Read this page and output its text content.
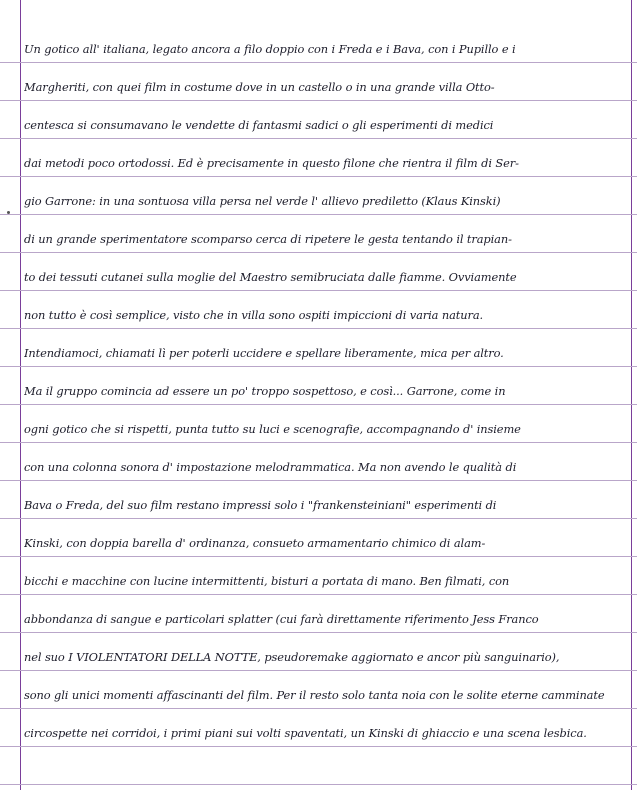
Un gotico all' italiana, legato ancora a filo doppio con i Freda e i Bava, con i Pupillo e i
Margheriti, con quei film in costume dove in un castello o in una grande villa Otto-
centesca si consumavano le vendette di fantasmi sadici o gli esperimenti di medici
dai metodi poco ortodossi. Ed è precisamente in questo filone che rientra il film di Ser-
gio Garrone: in una sontuosa villa persa nel verde l' allievo prediletto (Klaus Kinski)
di un grande sperimentatore scomparso cerca di ripetere le gesta tentando il trapian-
to dei tessuti cutanei sulla moglie del Maestro semibruciata dalle fiamme. Ovviamente
non tutto è così semplice, visto che in villa sono ospiti impiccioni di varia natura.
Intendiamoci, chiamati lì per poterli uccidere e spellare liberamente, mica per altro.
Ma il gruppo comincia ad essere un po' troppo sospettoso, e così... Garrone, come in
ogni gotico che si rispetti, punta tutto su luci e scenografie, accompagnando d' insieme
con una colonna sonora d' impostazione melodrammatica. Ma non avendo le qualità di
Bava o Freda, del suo film restano impressi solo i "frankensteiniani" esperimenti di
Kinski, con doppia barella d' ordinanza, consueto armamentario chimico di alam-
bicchi e macchine con lucine intermittenti, bisturi a portata di mano. Ben filmati, con
abbondanza di sangue e particolari splatter (cui farà direttamente riferimento Jess Franco
nel suo I VIOLENTATORI DELLA NOTTE, pseudoremake aggiornato e ancor più sanguinario),
sono gli unici momenti affascinanti del film. Per il resto solo tanta noia con le solite eterne camminate
circospette nei corridoi, i primi piani sui volti spaventati, un Kinski di ghiaccio e una scena lesbica.
